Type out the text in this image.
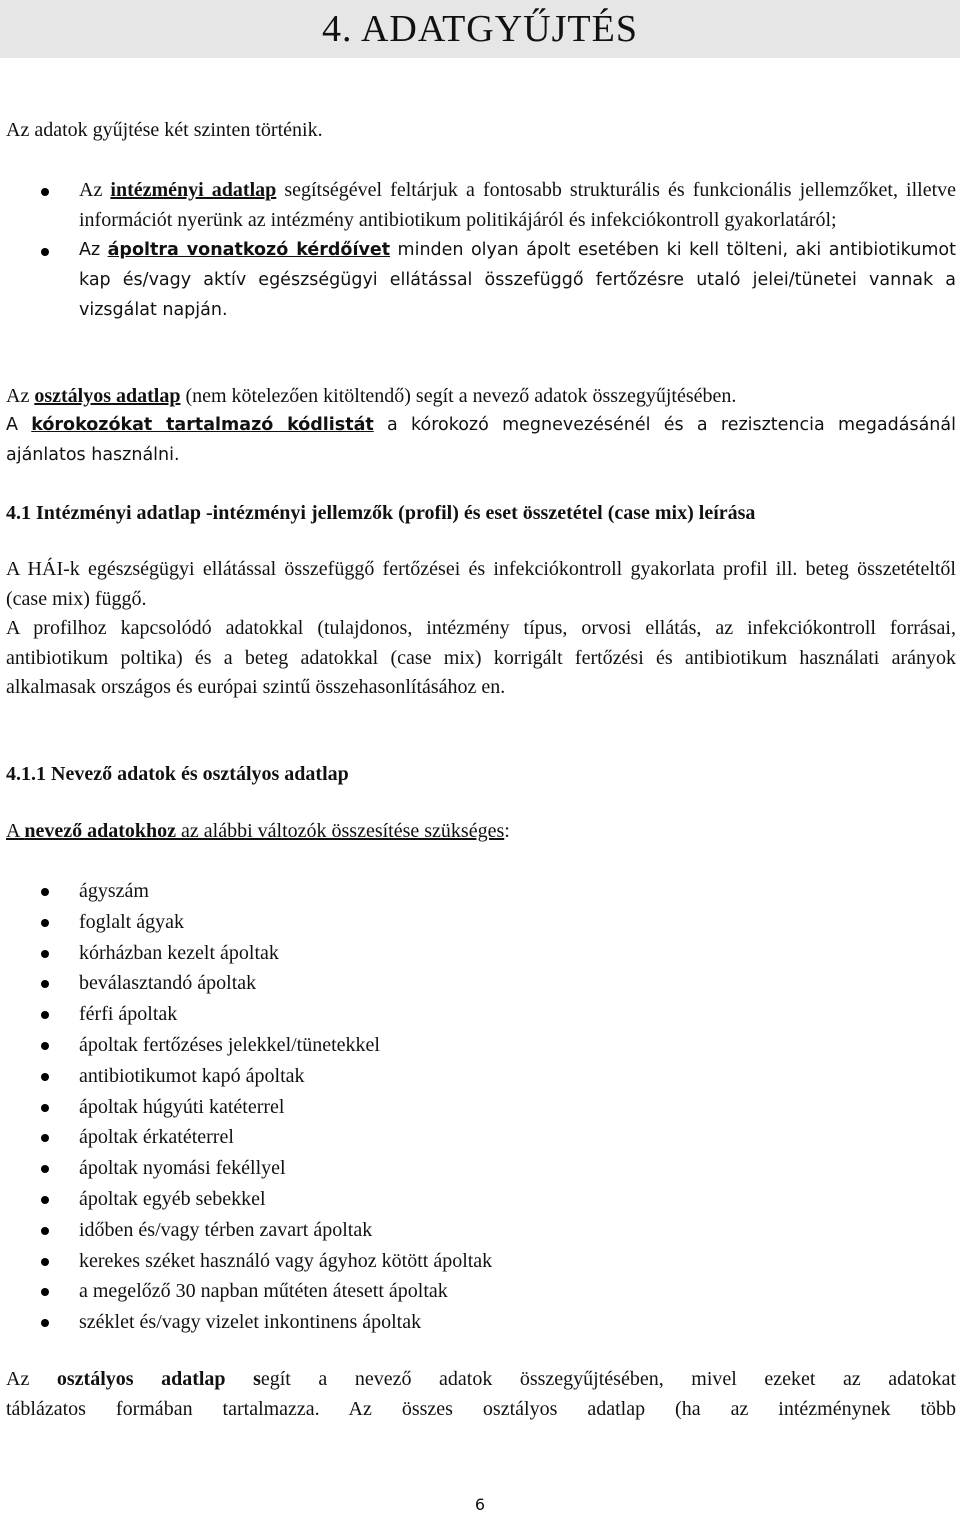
4. ADATGYŰJTÉS
Az adatok gyűjtése két szinten történik.
Az intézményi adatlap segítségével feltárjuk a fontosabb strukturális és funkcionális jellemzőket, illetve információt nyerünk az intézmény antibiotikum politikájáról és infekciókontroll gyakorlatáról;
Az ápoltra vonatkozó kérdőívet minden olyan ápolt esetében ki kell tölteni, aki antibiotikumot kap és/vagy aktív egészségügyi ellátással összefüggő fertőzésre utaló jelei/tünetei vannak a vizsgálat napján.
Az osztályos adatlap (nem kötelezően kitöltendő) segít a nevező adatok összegyűjtésében.
A kórokozókat tartalmazó kódlistát a kórokozó megnevezésénél és a rezisztencia megadásánál ajánlatos használni.
4.1 Intézményi adatlap -intézményi jellemzők (profil) és eset összetétel (case mix) leírása
A HÁI-k egészségügyi ellátással összefüggő fertőzései és infekciókontroll gyakorlata profil ill. beteg összetételtől (case mix) függő.
A profilhoz kapcsolódó adatokkal (tulajdonos, intézmény típus, orvosi ellátás, az infekciókontroll forrásai, antibiotikum poltika) és a beteg adatokkal (case mix) korrigált fertőzési és antibiotikum használati arányok alkalmasak országos és európai szintű összehasonlításához en.
4.1.1 Nevező adatok és osztályos adatlap
A nevező adatokhoz az alábbi változók összesítése szükséges:
ágyszám
foglalt ágyak
kórházban kezelt ápoltak
beválasztandó ápoltak
férfi ápoltak
ápoltak fertőzéses jelekkel/tünetekkel
antibiotikumot kapó ápoltak
ápoltak húgyúti katéterrel
ápoltak érkatéterrel
ápoltak nyomási fekéllyel
ápoltak egyéb sebekkel
időben és/vagy térben zavart ápoltak
kerekes széket használó vagy ágyhoz kötött ápoltak
a megelőző 30 napban műtéten átesett ápoltak
széklet és/vagy vizelet inkontinens ápoltak
Az osztályos adatlap segít a nevező adatok összegyűjtésében, mivel ezeket az adatokat
táblázatos formában tartalmazza. Az összes osztályos adatlap (ha az intézménynek több
6
